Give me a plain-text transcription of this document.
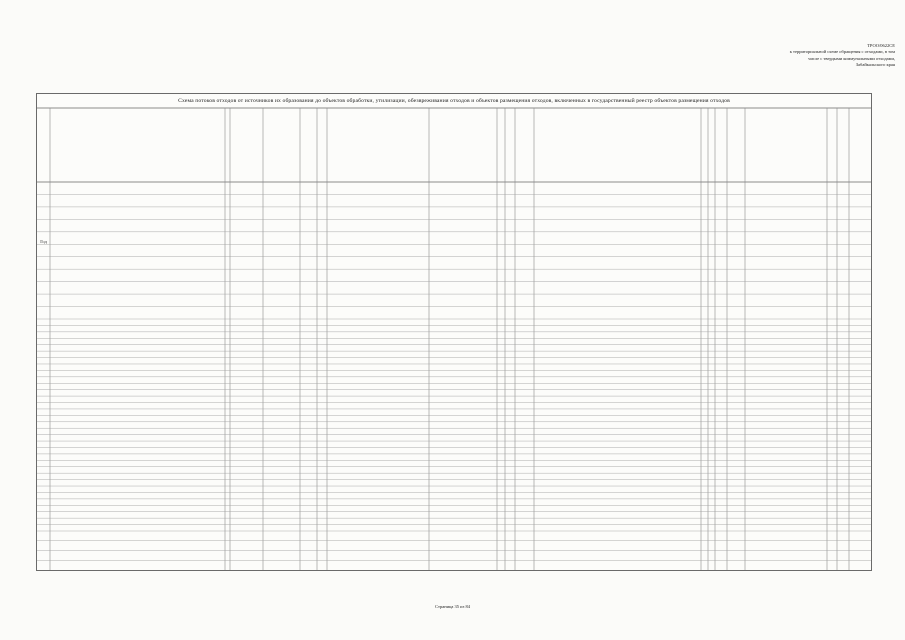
ТРОО/0622СЕ
к территориальной схеме обращения с отходами, в том
числе с твердыми коммунальными отходами,
Забайкальского края
Схема потоков отходов от источников их образования до объектов обработки, утилизации, обезвреживания отходов и объектов размещения отходов, включенных в государственный реестр объектов размещения отходов
Год
Страница 35 из 84
